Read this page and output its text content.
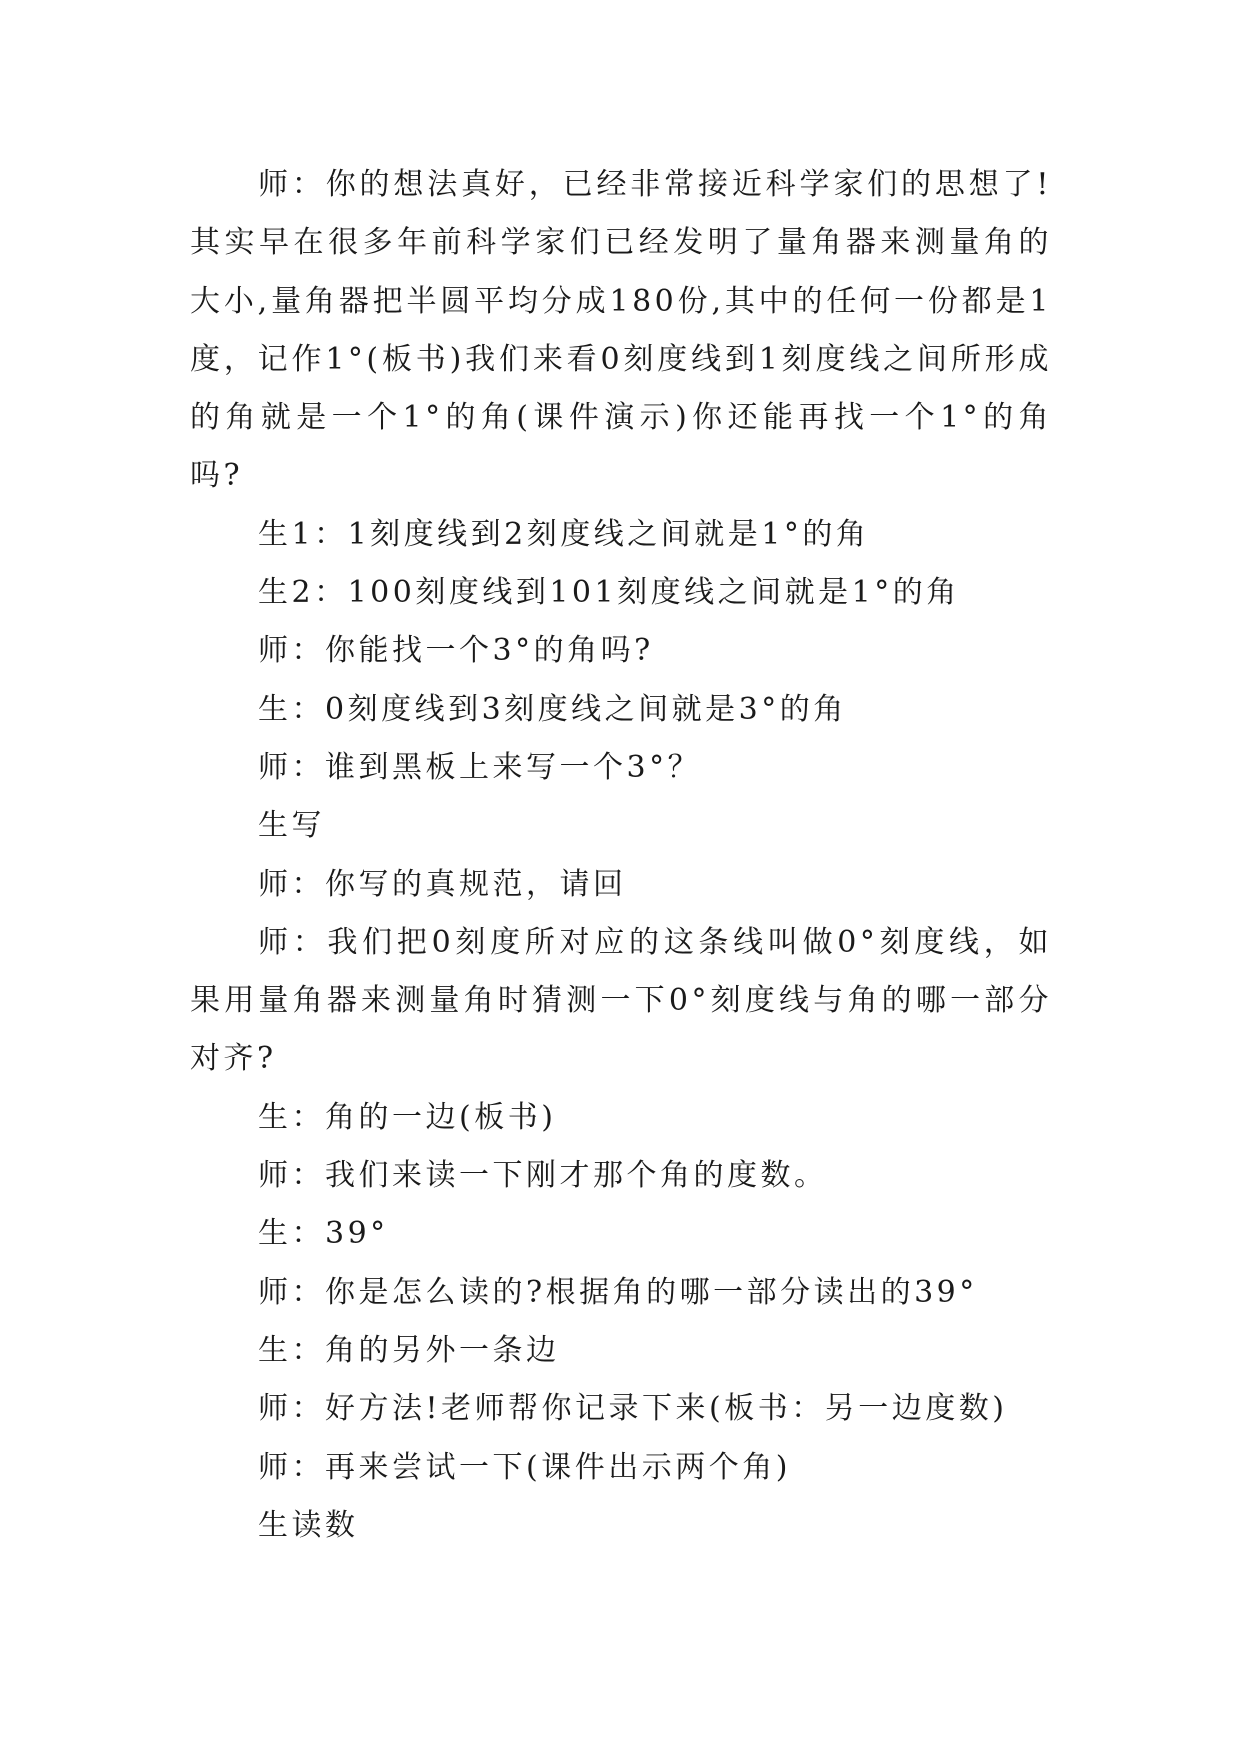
师：你的想法真好，已经非常接近科学家们的思想了!其实早在很多年前科学家们已经发明了量角器来测量角的大小,量角器把半圆平均分成180份,其中的任何一份都是1度，记作1°(板书)我们来看0刻度线到1刻度线之间所形成的角就是一个1°的角(课件演示)你还能再找一个1°的角吗?

生1：1刻度线到2刻度线之间就是1°的角

生2：100刻度线到101刻度线之间就是1°的角

师：你能找一个3°的角吗?

生：0刻度线到3刻度线之间就是3°的角

师：谁到黑板上来写一个3°？

生写

师：你写的真规范，请回

师：我们把0刻度所对应的这条线叫做0°刻度线，如果用量角器来测量角时猜测一下0°刻度线与角的哪一部分对齐?

生：角的一边(板书)

师：我们来读一下刚才那个角的度数。

生：39°

师：你是怎么读的?根据角的哪一部分读出的39°

生：角的另外一条边

师：好方法!老师帮你记录下来(板书：另一边度数)

师：再来尝试一下(课件出示两个角)

生读数
